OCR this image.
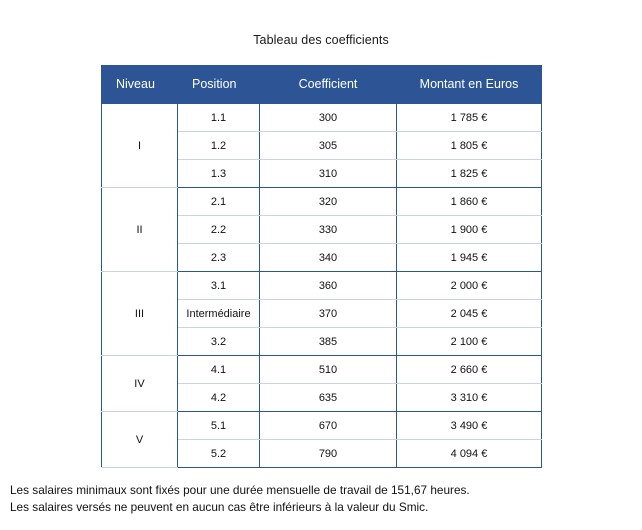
Tableau des coefficients
Niveau	Position	Coefficient	Montant en Euros
I	1.1	300	1 785 €
	1.2	305	1 805 €
	1.3	310	1 825 €
II	2.1	320	1 860 €
	2.2	330	1 900 €
	2.3	340	1 945 €
III	3.1	360	2 000 €
	Intermédiaire	370	2 045 €
	3.2	385	2 100 €
IV	4.1	510	2 660 €
	4.2	635	3 310 €
V	5.1	670	3 490 €
	5.2	790	4 094 €
Les salaires minimaux sont fixés pour une durée mensuelle de travail de 151,67 heures.
Les salaires versés ne peuvent en aucun cas être inférieurs à la valeur du Smic.
